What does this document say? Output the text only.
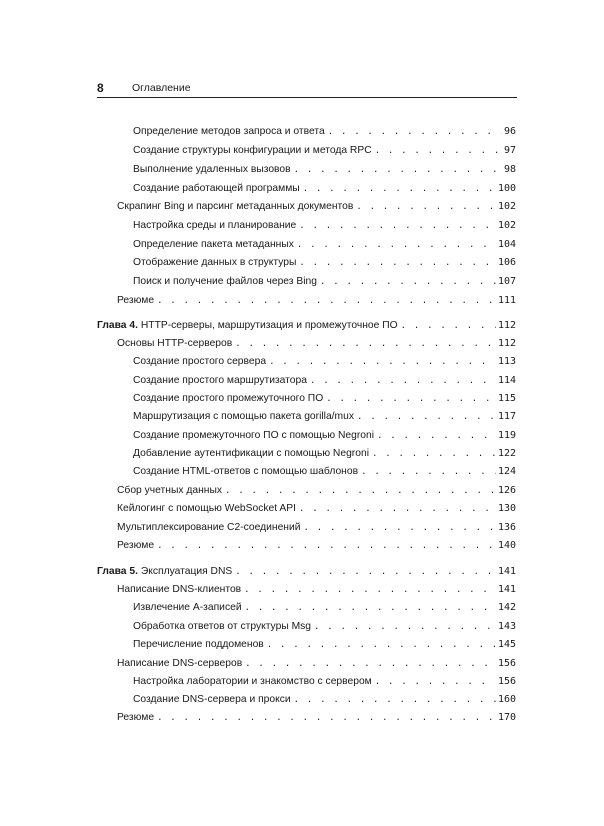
8	Оглавление
Определение методов запроса и ответа . . .	96
Создание структуры конфигурации и метода RPC . . .	97
Выполнение удаленных вызовов . . .	98
Создание работающей программы . . .	100
Скрапинг Bing и парсинг метаданных документов . . .	102
Настройка среды и планирование . . .	102
Определение пакета метаданных . . .	104
Отображение данных в структуры . . .	106
Поиск и получение файлов через Bing . . .	107
Резюме . . .	111
Глава 4. HTTP-серверы, маршрутизация и промежуточное ПО . . .	112
Основы HTTP-серверов . . .	112
Создание простого сервера . . .	113
Создание простого маршрутизатора . . .	114
Создание простого промежуточного ПО . . .	115
Маршрутизация с помощью пакета gorilla/mux . . .	117
Создание промежуточного ПО с помощью Negroni . . .	119
Добавление аутентификации с помощью Negroni . . .	122
Создание HTML-ответов с помощью шаблонов . . .	124
Сбор учетных данных . . .	126
Кейлогинг с помощью WebSocket API . . .	130
Мультиплексирование C2-соединений . . .	136
Резюме . . .	140
Глава 5. Эксплуатация DNS . . .	141
Написание DNS-клиентов . . .	141
Извлечение A-записей . . .	142
Обработка ответов от структуры Msg . . .	143
Перечисление поддоменов . . .	145
Написание DNS-серверов . . .	156
Настройка лаборатории и знакомство с сервером . . .	156
Создание DNS-сервера и прокси . . .	160
Резюме . . .	170
